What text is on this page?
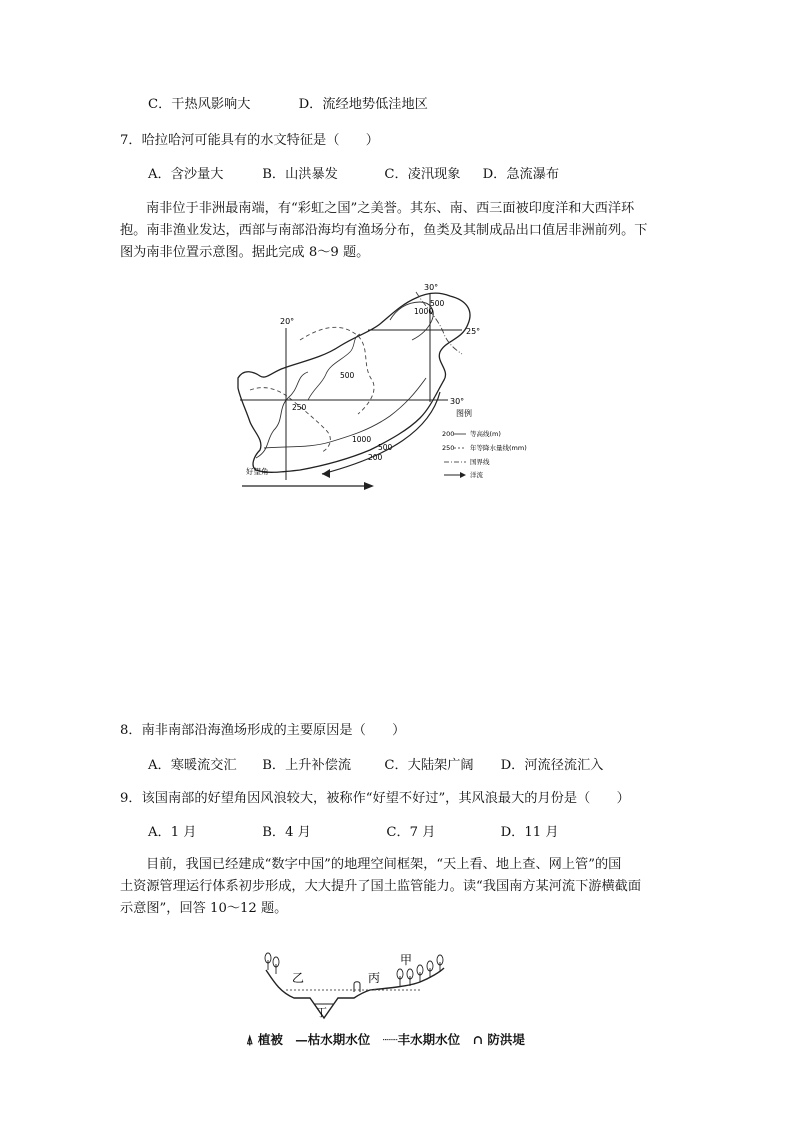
C．干热风影响大	D．流经地势低洼地区
7．哈拉哈河可能具有的水文特征是（　　）
A．含沙量大	B．山洪暴发	C．凌汛现象 D．急流瀑布
南非位于非洲最南端，有“彩虹之国”之美誉。其东、南、西三面被印度洋和大西洋环
抱。南非渔业发达，西部与南部沿海均有渔场分布，鱼类及其制成品出口值居非洲前列。下
图为南非位置示意图。据此完成 8～9 题。
30°
25°
30°
20°
1000
500
500
250
1000
500
200
好望角
图例
200 等高线(m)
250 年等降水量线(mm)
国界线
洋流
8．南非南部沿海渔场形成的主要原因是（　　）
A．寒暖流交汇 B．上升补偿流	C．大陆架广阔 D．河流径流汇入
9．该国南部的好望角因风浪较大，被称作“好望不好过”，其风浪最大的月份是（　　）
A．1 月	B．4 月	C．7 月	D．11 月
目前，我国已经建成“数字中国”的地理空间框架，“天上看、地上查、网上管”的国
土资源管理运行体系初步形成，大大提升了国土监管能力。读“我国南方某河流下游横截面
示意图”，回答 10～12 题。
甲
乙	丙
丁
⍋ 植被 —枯水期水位 ┈┈丰水期水位 ∩ 防洪堤
